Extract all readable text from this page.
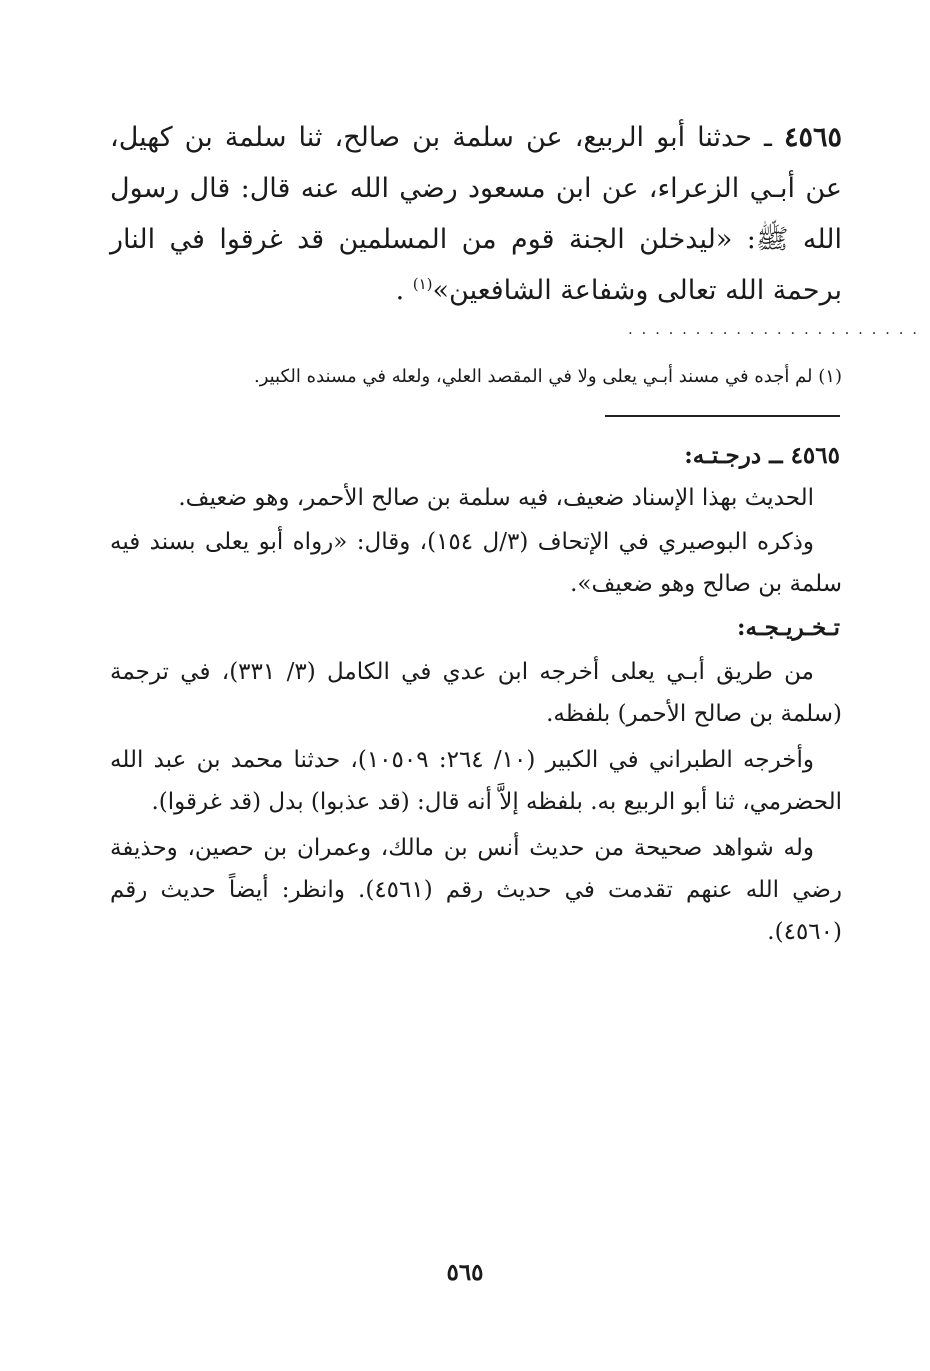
٤٥٦٥ ـ حدثنا أبو الربيع، عن سلمة بن صالح، ثنا سلمة بن كهيل، عن أبـي الزعراء، عن ابن مسعود رضي الله عنه قال: قال رسول الله ﷺ: «ليدخلن الجنة قوم من المسلمين قد غرقوا في النار برحمة الله تعالى وشفاعة الشافعين»$^{(١)}$ .
. . . . . . . . . . . . . . . . . . . . . .
(١) لم أجده في مسند أبـي يعلى ولا في المقصد العلي، ولعله في مسنده الكبير.
٤٥٦٥ ــ درجـتـه:
الحديث بهذا الإسناد ضعيف، فيه سلمة بن صالح الأحمر، وهو ضعيف.
وذكره البوصيري في الإتحاف (٣/ل ١٥٤)، وقال: «رواه أبو يعلى بسند فيه سلمة بن صالح وهو ضعيف».
تـخـريـجـه:
من طريق أبـي يعلى أخرجه ابن عدي في الكامل (٣/ ٣٣١)، في ترجمة (سلمة بن صالح الأحمر) بلفظه.
وأخرجه الطبراني في الكبير (١٠/ ٢٦٤: ١٠٥٠٩)، حدثنا محمد بن عبد الله الحضرمي، ثنا أبو الربيع به. بلفظه إلاَّ أنه قال: (قد عذبوا) بدل (قد غرقوا).
وله شواهد صحيحة من حديث أنس بن مالك، وعمران بن حصين، وحذيفة رضي الله عنهم تقدمت في حديث رقم (٤٥٦١). وانظر: أيضاً حديث رقم (٤٥٦٠).
٥٦٥
